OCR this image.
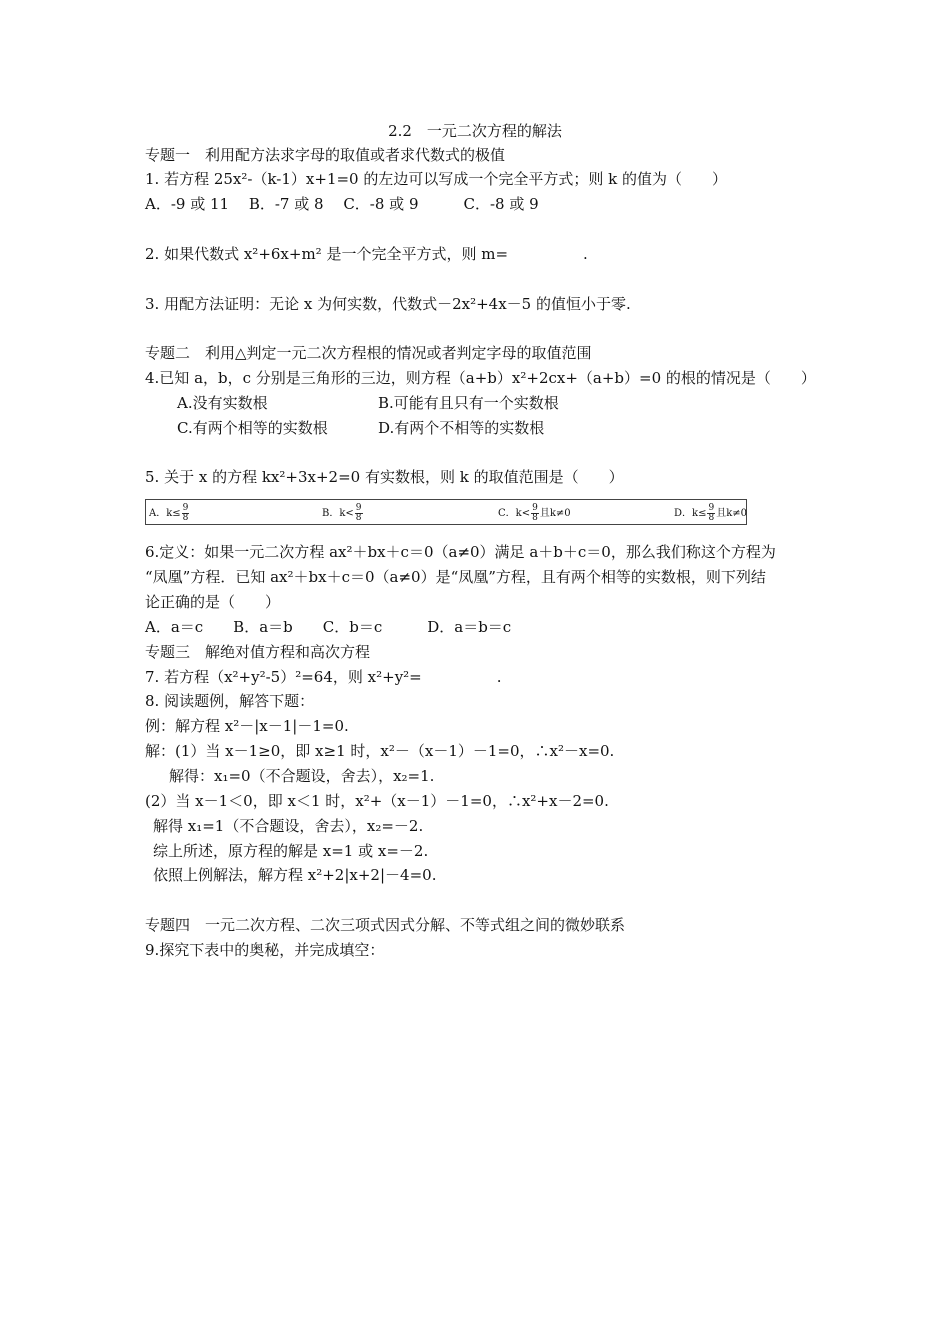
2.2　一元二次方程的解法
专题一　利用配方法求字母的取值或者求代数式的极值
1. 若方程 25x²-（k-1）x+1=0 的左边可以写成一个完全平方式；则 k 的值为（　　）
A．-9 或 11　 B．-7 或 8　 C．-8 或 9　　　C．-8 或 9
2. 如果代数式 x²+6x+m² 是一个完全平方式，则 m=　　　　　.
3. 用配方法证明：无论 x 为何实数，代数式－2x²+4x－5 的值恒小于零.
专题二　利用△判定一元二次方程根的情况或者判定字母的取值范围
4.已知 a，b，c 分别是三角形的三边，则方程（a+b）x²+2cx+（a+b）=0 的根的情况是（　　）
A.没有实数根	B.可能有且只有一个实数根
C.有两个相等的实数根	D.有两个不相等的实数根
5. 关于 x 的方程 kx²+3x+2=0 有实数根，则 k 的取值范围是（　　）
A．$k\le \frac{9}{8}$	B．$k< \frac{9}{8}$	C．$k< \frac{9}{8}$ 且k≠0	D．$k\le \frac{9}{8}$ 且k≠0
6.定义：如果一元二次方程 ax²＋bx＋c＝0（a≠0）满足 a＋b＋c＝0，那么我们称这个方程为
“凤凰”方程．已知 ax²＋bx＋c＝0（a≠0）是“凤凰”方程，且有两个相等的实数根，则下列结
论正确的是（　　）
A．a＝c　　B．a＝b　　C．b＝c　　　D．a＝b＝c
专题三　解绝对值方程和高次方程
7. 若方程（x²+y²-5）²=64，则 x²+y²=　　　　　.
8. 阅读题例，解答下题：
例：解方程 x²－|x－1|－1=0.
解：(1）当 x－1≥0，即 x≥1 时，x²－（x－1）－1=0，∴x²－x=0.
解得：x₁=0（不合题设，舍去），x₂=1.
(2）当 x－1＜0，即 x＜1 时，x²+（x－1）－1=0，∴x²+x－2=0.
解得 x₁=1（不合题设，舍去），x₂=－2.
综上所述，原方程的解是 x=1 或 x=－2.
依照上例解法，解方程 x²+2|x+2|－4=0.
专题四　一元二次方程、二次三项式因式分解、不等式组之间的微妙联系
9.探究下表中的奥秘，并完成填空：
